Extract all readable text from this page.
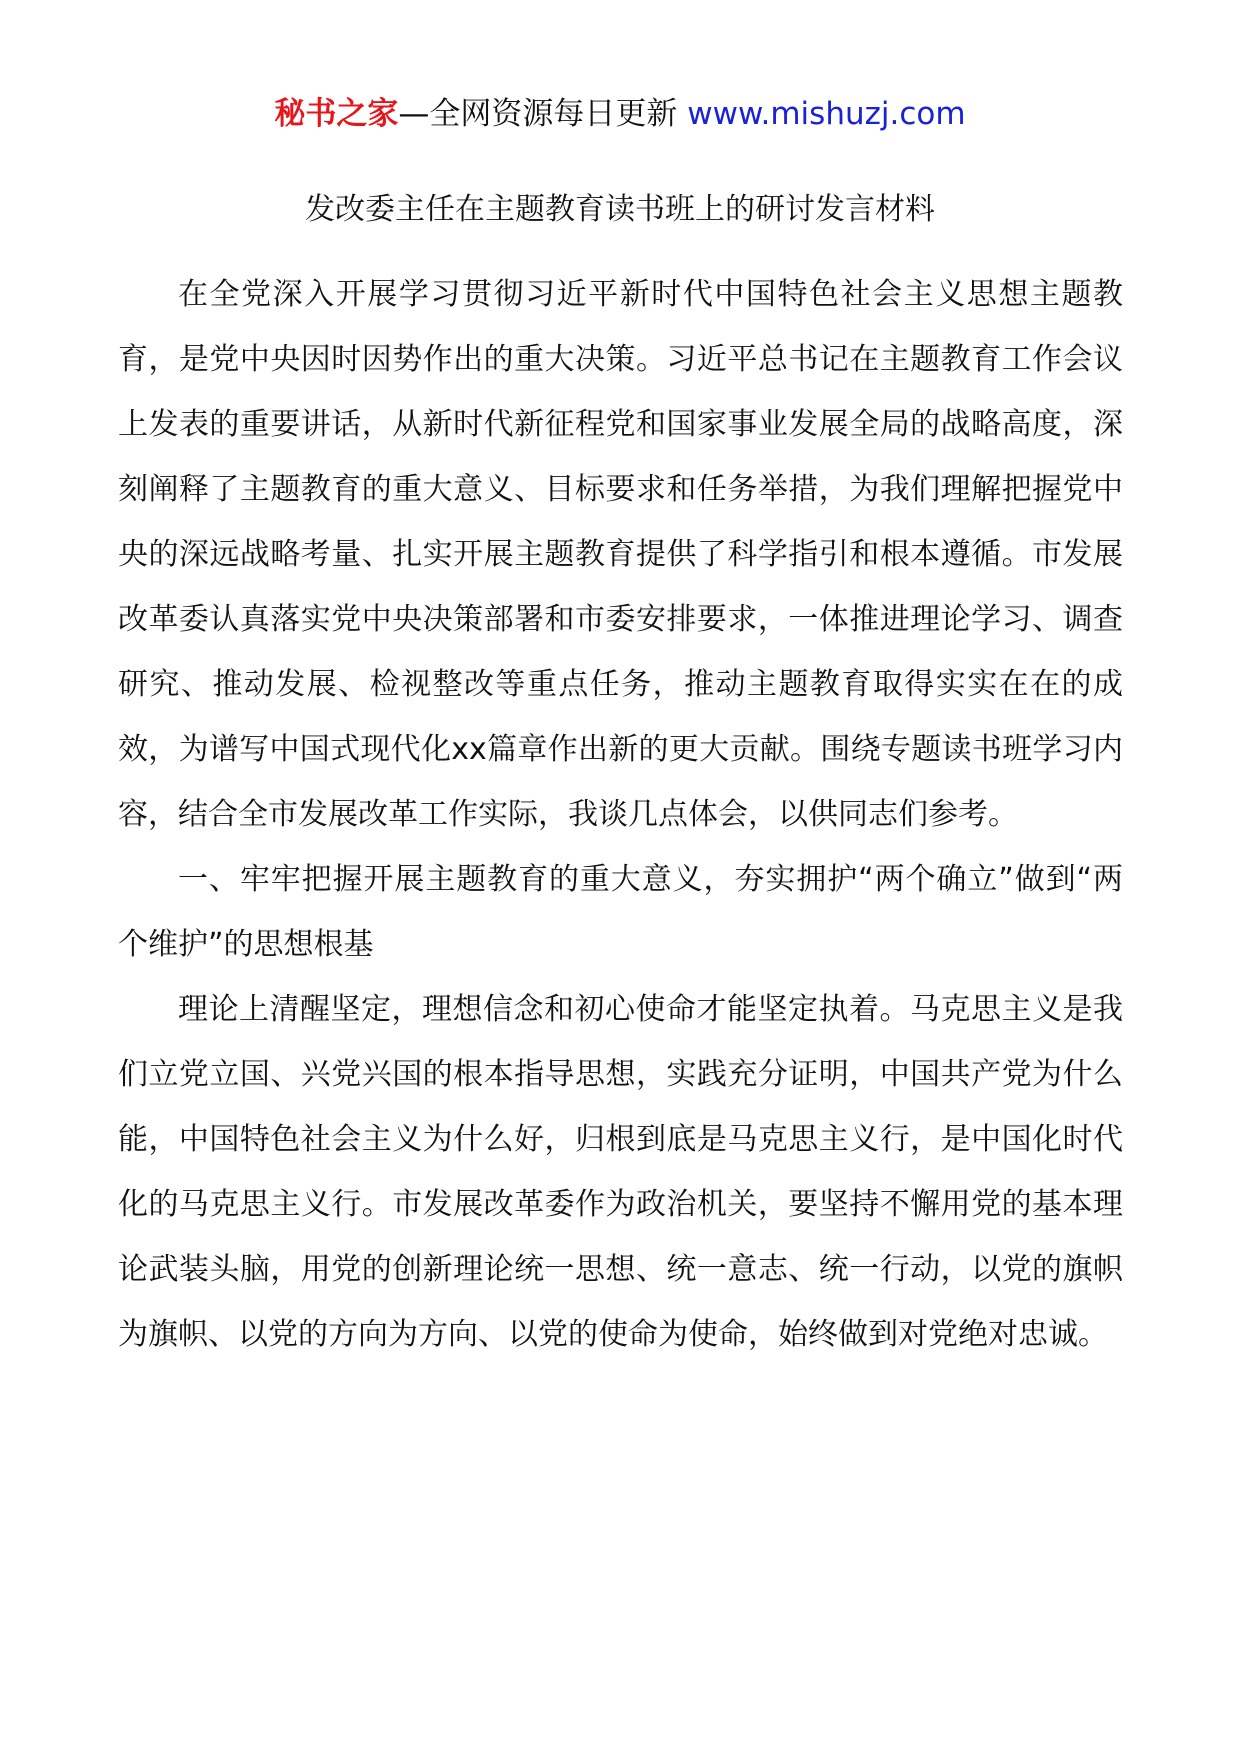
秘书之家—全网资源每日更新 www.mishuzj.com
发改委主任在主题教育读书班上的研讨发言材料

在全党深入开展学习贯彻习近平新时代中国特色社会主义思想主题教育，是党中央因时因势作出的重大决策。习近平总书记在主题教育工作会议上发表的重要讲话，从新时代新征程党和国家事业发展全局的战略高度，深刻阐释了主题教育的重大意义、目标要求和任务举措，为我们理解把握党中央的深远战略考量、扎实开展主题教育提供了科学指引和根本遵循。市发展改革委认真落实党中央决策部署和市委安排要求，一体推进理论学习、调查研究、推动发展、检视整改等重点任务，推动主题教育取得实实在在的成效，为谱写中国式现代化xx篇章作出新的更大贡献。围绕专题读书班学习内容，结合全市发展改革工作实际，我谈几点体会，以供同志们参考。

一、牢牢把握开展主题教育的重大意义，夯实拥护“两个确立”做到“两个维护”的思想根基

理论上清醒坚定，理想信念和初心使命才能坚定执着。马克思主义是我们立党立国、兴党兴国的根本指导思想，实践充分证明，中国共产党为什么能，中国特色社会主义为什么好，归根到底是马克思主义行，是中国化时代化的马克思主义行。市发展改革委作为政治机关，要坚持不懈用党的基本理论武装头脑，用党的创新理论统一思想、统一意志、统一行动，以党的旗帜为旗帜、以党的方向为方向、以党的使命为使命，始终做到对党绝对忠诚。
